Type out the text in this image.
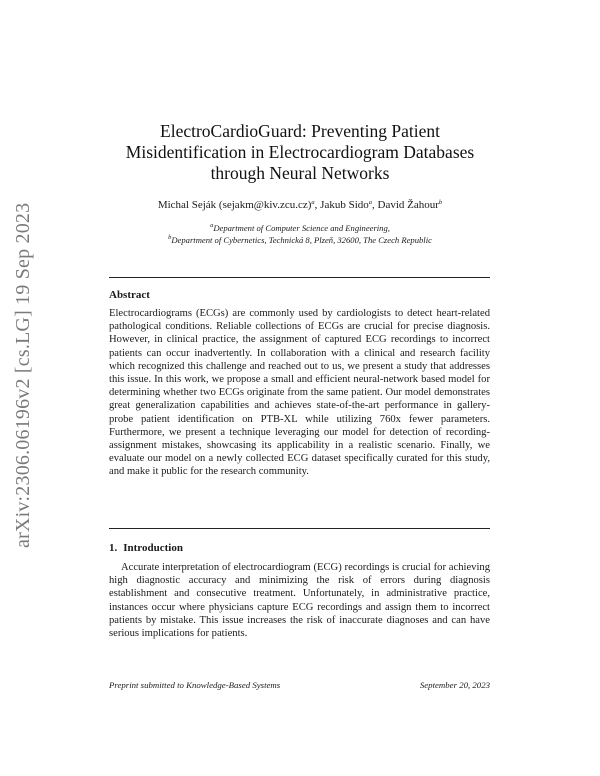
arXiv:2306.06196v2 [cs.LG] 19 Sep 2023
ElectroCardioGuard: Preventing Patient
Misidentification in Electrocardiogram Databases
through Neural Networks
Michal Seják (sejakm@kiv.zcu.cz)$^a$, Jakub Sido$^a$, David Žahour$^b$
$^a$Department of Computer Science and Engineering,
$^b$Department of Cybernetics, Technická 8, Plzeň, 32600, The Czech Republic
Abstract
Electrocardiograms (ECGs) are commonly used by cardiologists to detect heart-related pathological conditions. Reliable collections of ECGs are crucial for precise diagnosis. However, in clinical practice, the assignment of captured ECG recordings to incorrect patients can occur inadvertently. In collaboration with a clinical and research facility which recognized this challenge and reached out to us, we present a study that addresses this issue. In this work, we propose a small and efficient neural-network based model for determining whether two ECGs originate from the same patient. Our model demonstrates great generalization capabilities and achieves state-of-the-art performance in gallery-probe patient identification on PTB-XL while utilizing 760x fewer parameters. Furthermore, we present a technique leveraging our model for detection of recording-assignment mistakes, showcasing its applicability in a realistic scenario. Finally, we evaluate our model on a newly collected ECG dataset specifically curated for this study, and make it public for the research community.
1. Introduction
Accurate interpretation of electrocardiogram (ECG) recordings is crucial for achieving high diagnostic accuracy and minimizing the risk of errors during diagnosis establishment and consecutive treatment. Unfortunately, in administrative practice, instances occur where physicians capture ECG recordings and assign them to incorrect patients by mistake. This issue increases the risk of inaccurate diagnoses and can have serious implications for patients.
Preprint submitted to Knowledge-Based Systems	September 20, 2023
